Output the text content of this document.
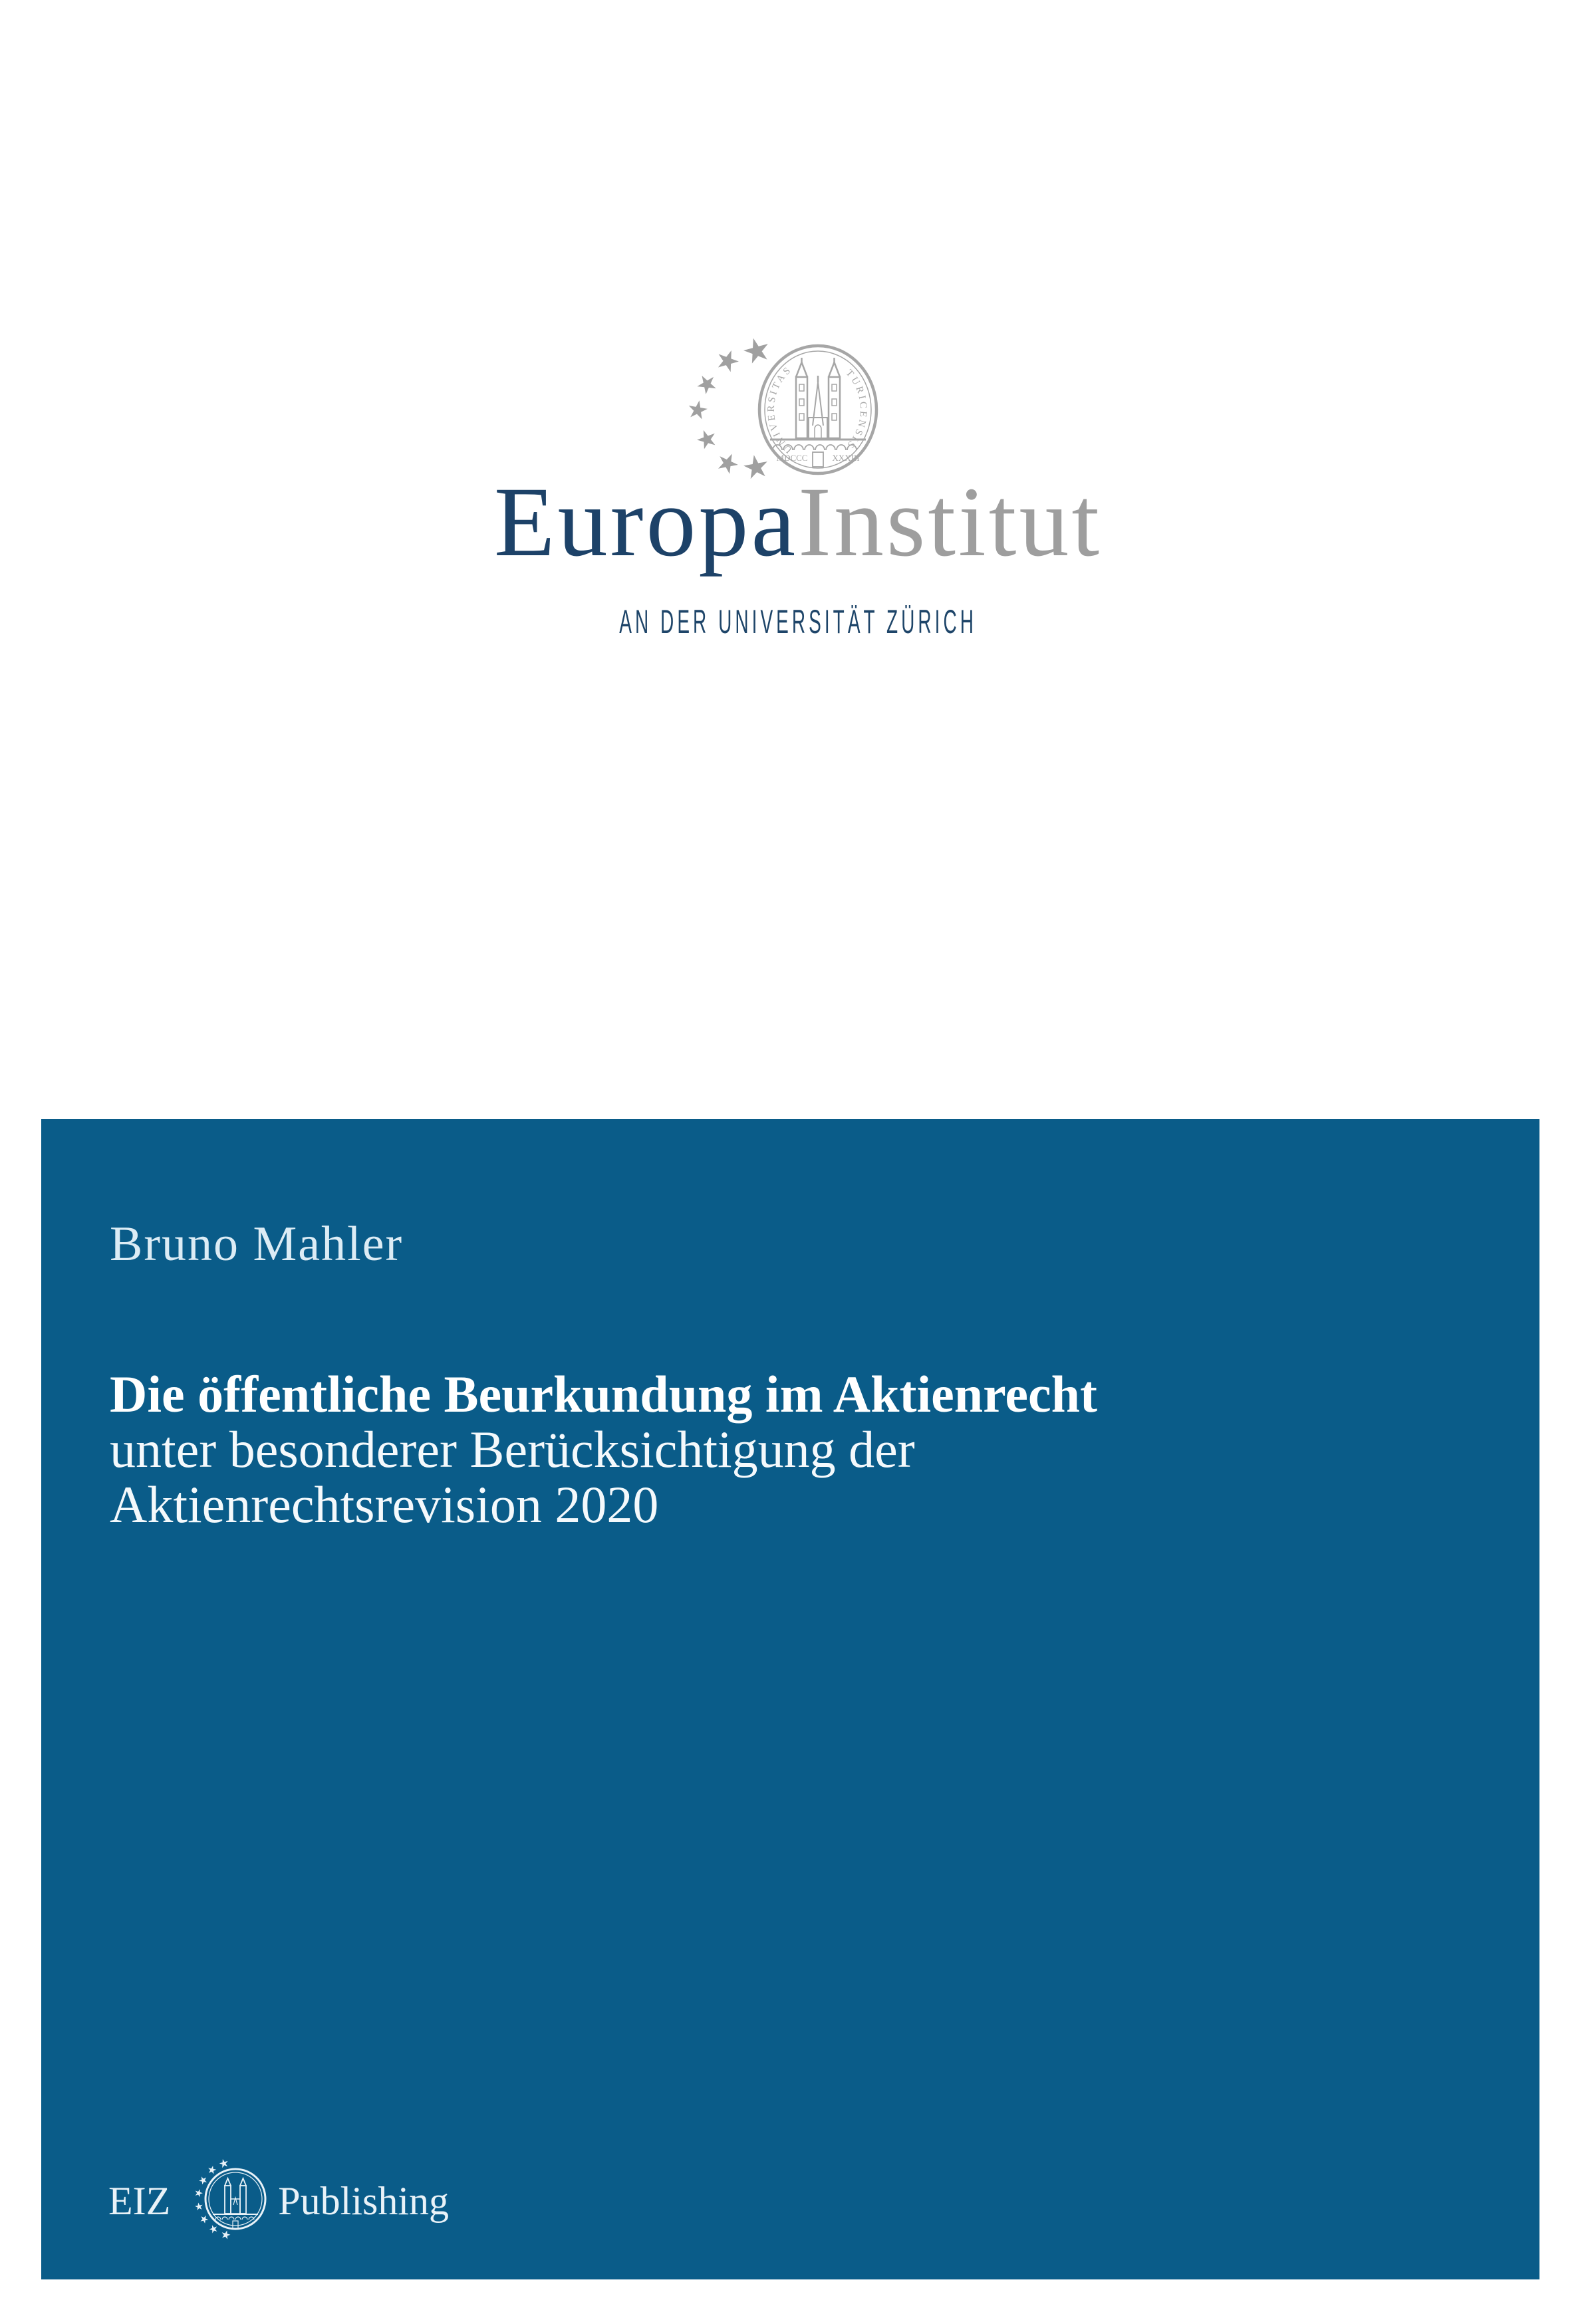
UNIVERSITAS	TURICENSIS
MDCCC	XXXIII
EuropaInstitut
AN DER UNIVERSITÄT ZÜRICH
Bruno Mahler
Die öffentliche Beurkundung im Aktienrecht
unter besonderer Berücksichtigung der
Aktienrechtsrevision 2020
EIZ	Publishing
